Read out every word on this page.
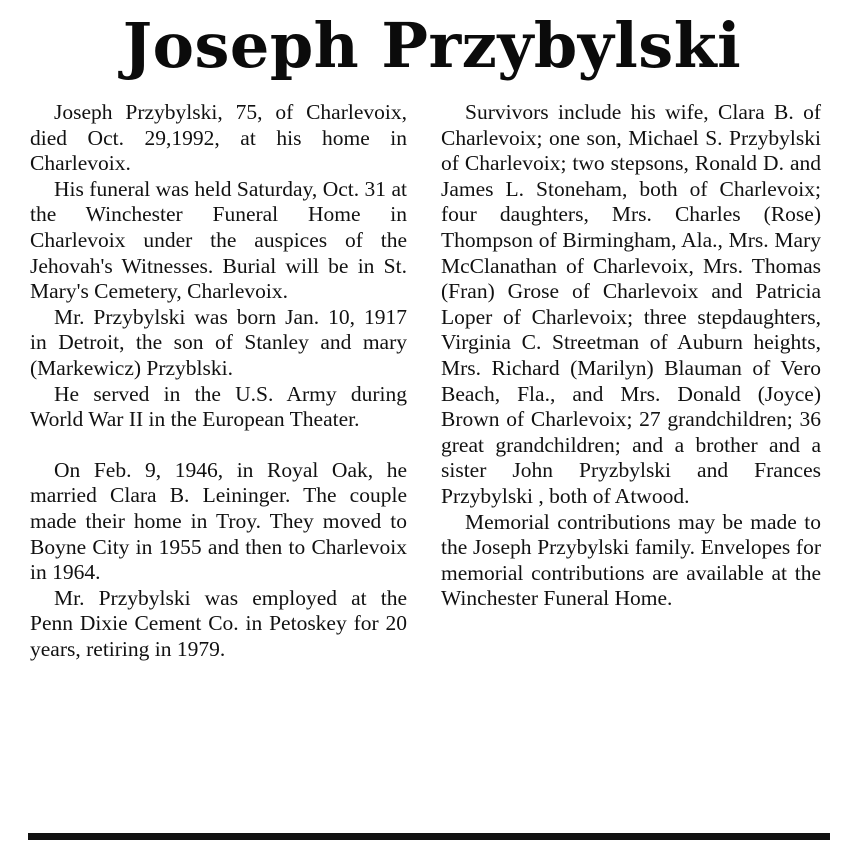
Joseph Przybylski

Joseph Przybylski, 75, of Charlevoix, died Oct. 29,1992, at his home in Charlevoix.

His funeral was held Saturday, Oct. 31 at the Winchester Funeral Home in Charlevoix under the auspices of the Jehovah's Witnesses. Burial will be in St. Mary's Cemetery, Charlevoix.

Mr. Przybylski was born Jan. 10, 1917 in Detroit, the son of Stanley and mary (Markewicz) Przyblski.

He served in the U.S. Army during World War II in the European Theater.

On Feb. 9, 1946, in Royal Oak, he married Clara B. Leininger. The couple made their home in Troy. They moved to Boyne City in 1955 and then to Charlevoix in 1964.

Mr. Przybylski was employed at the Penn Dixie Cement Co. in Petoskey for 20 years, retiring in 1979.

Survivors include his wife, Clara B. of Charlevoix; one son, Michael S. Przybylski of Charlevoix; two stepsons, Ronald D. and James L. Stoneham, both of Charlevoix; four daughters, Mrs. Charles (Rose) Thompson of Birmingham, Ala., Mrs. Mary McClanathan of Charlevoix, Mrs. Thomas (Fran) Grose of Charlevoix and Patricia Loper of Charlevoix; three stepdaughters, Virginia C. Streetman of Auburn heights, Mrs. Richard (Marilyn) Blauman of Vero Beach, Fla., and Mrs. Donald (Joyce) Brown of Charlevoix; 27 grandchildren; 36 great grandchildren; and a brother and a sister John Pryzbylski and Frances Przybylski , both of Atwood.

Memorial contributions may be made to the Joseph Przybylski family. Envelopes for memorial contributions are available at the Winchester Funeral Home.
